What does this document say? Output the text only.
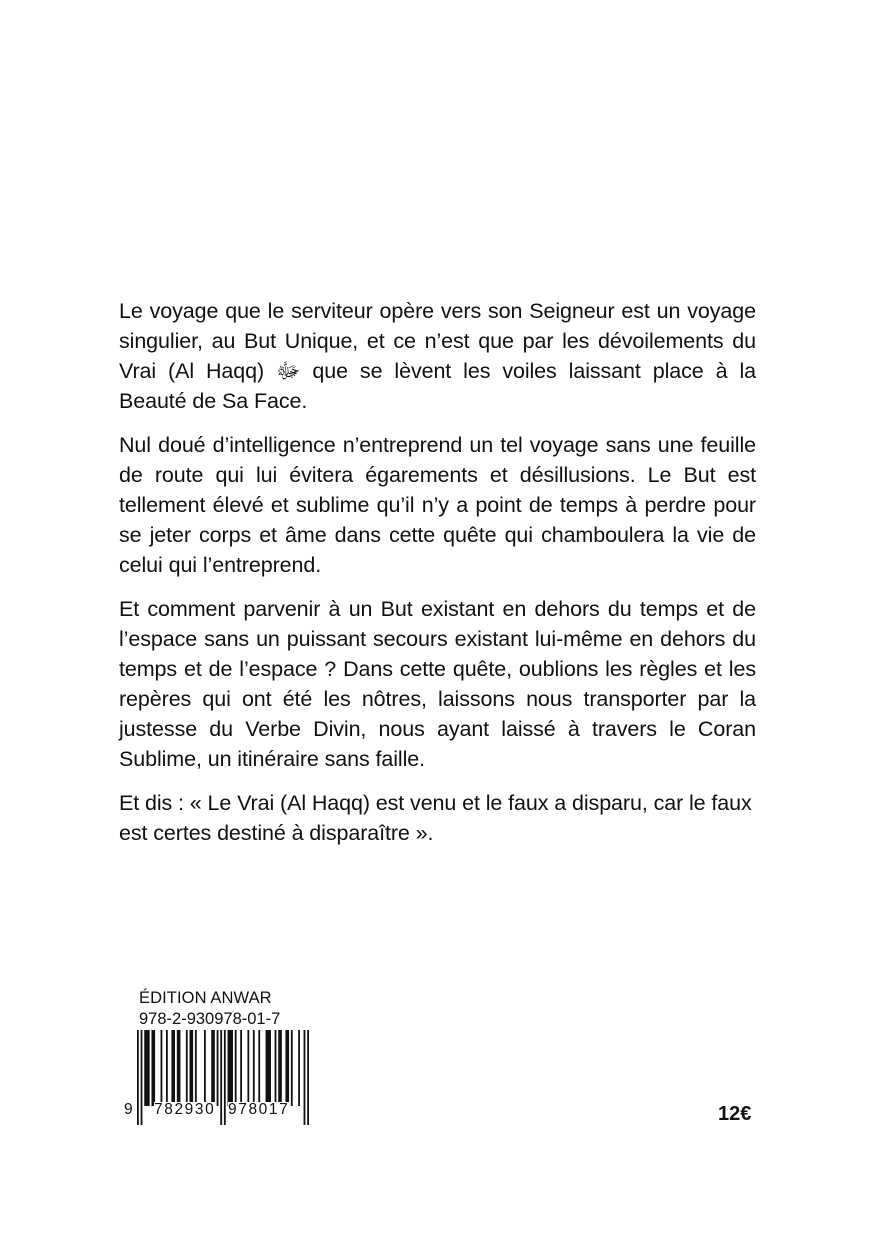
Le voyage que le serviteur opère vers son Seigneur est un voyage singulier, au But Unique, et ce n’est que par les dévoilements du Vrai (Al Haqq) ﷻ que se lèvent les voiles laissant place à la Beauté de Sa Face.

Nul doué d’intelligence n’entreprend un tel voyage sans une feuille de route qui lui évitera égarements et désillusions. Le But est tellement élevé et sublime qu’il n’y a point de temps à perdre pour se jeter corps et âme dans cette quête qui chamboulera la vie de celui qui l’entreprend.

Et comment parvenir à un But existant en dehors du temps et de l’espace sans un puissant secours existant lui-même en dehors du temps et de l’espace ? Dans cette quête, oublions les règles et les repères qui ont été les nôtres, laissons nous transporter par la justesse du Verbe Divin, nous ayant laissé à travers le Coran Sublime, un itinéraire sans faille.

Et dis : « Le Vrai (Al Haqq) est venu et le faux a disparu, car le faux est certes destiné à disparaître ».

ÉDITION ANWAR
978-2-930978-01-7
9 782930 978017	12€
